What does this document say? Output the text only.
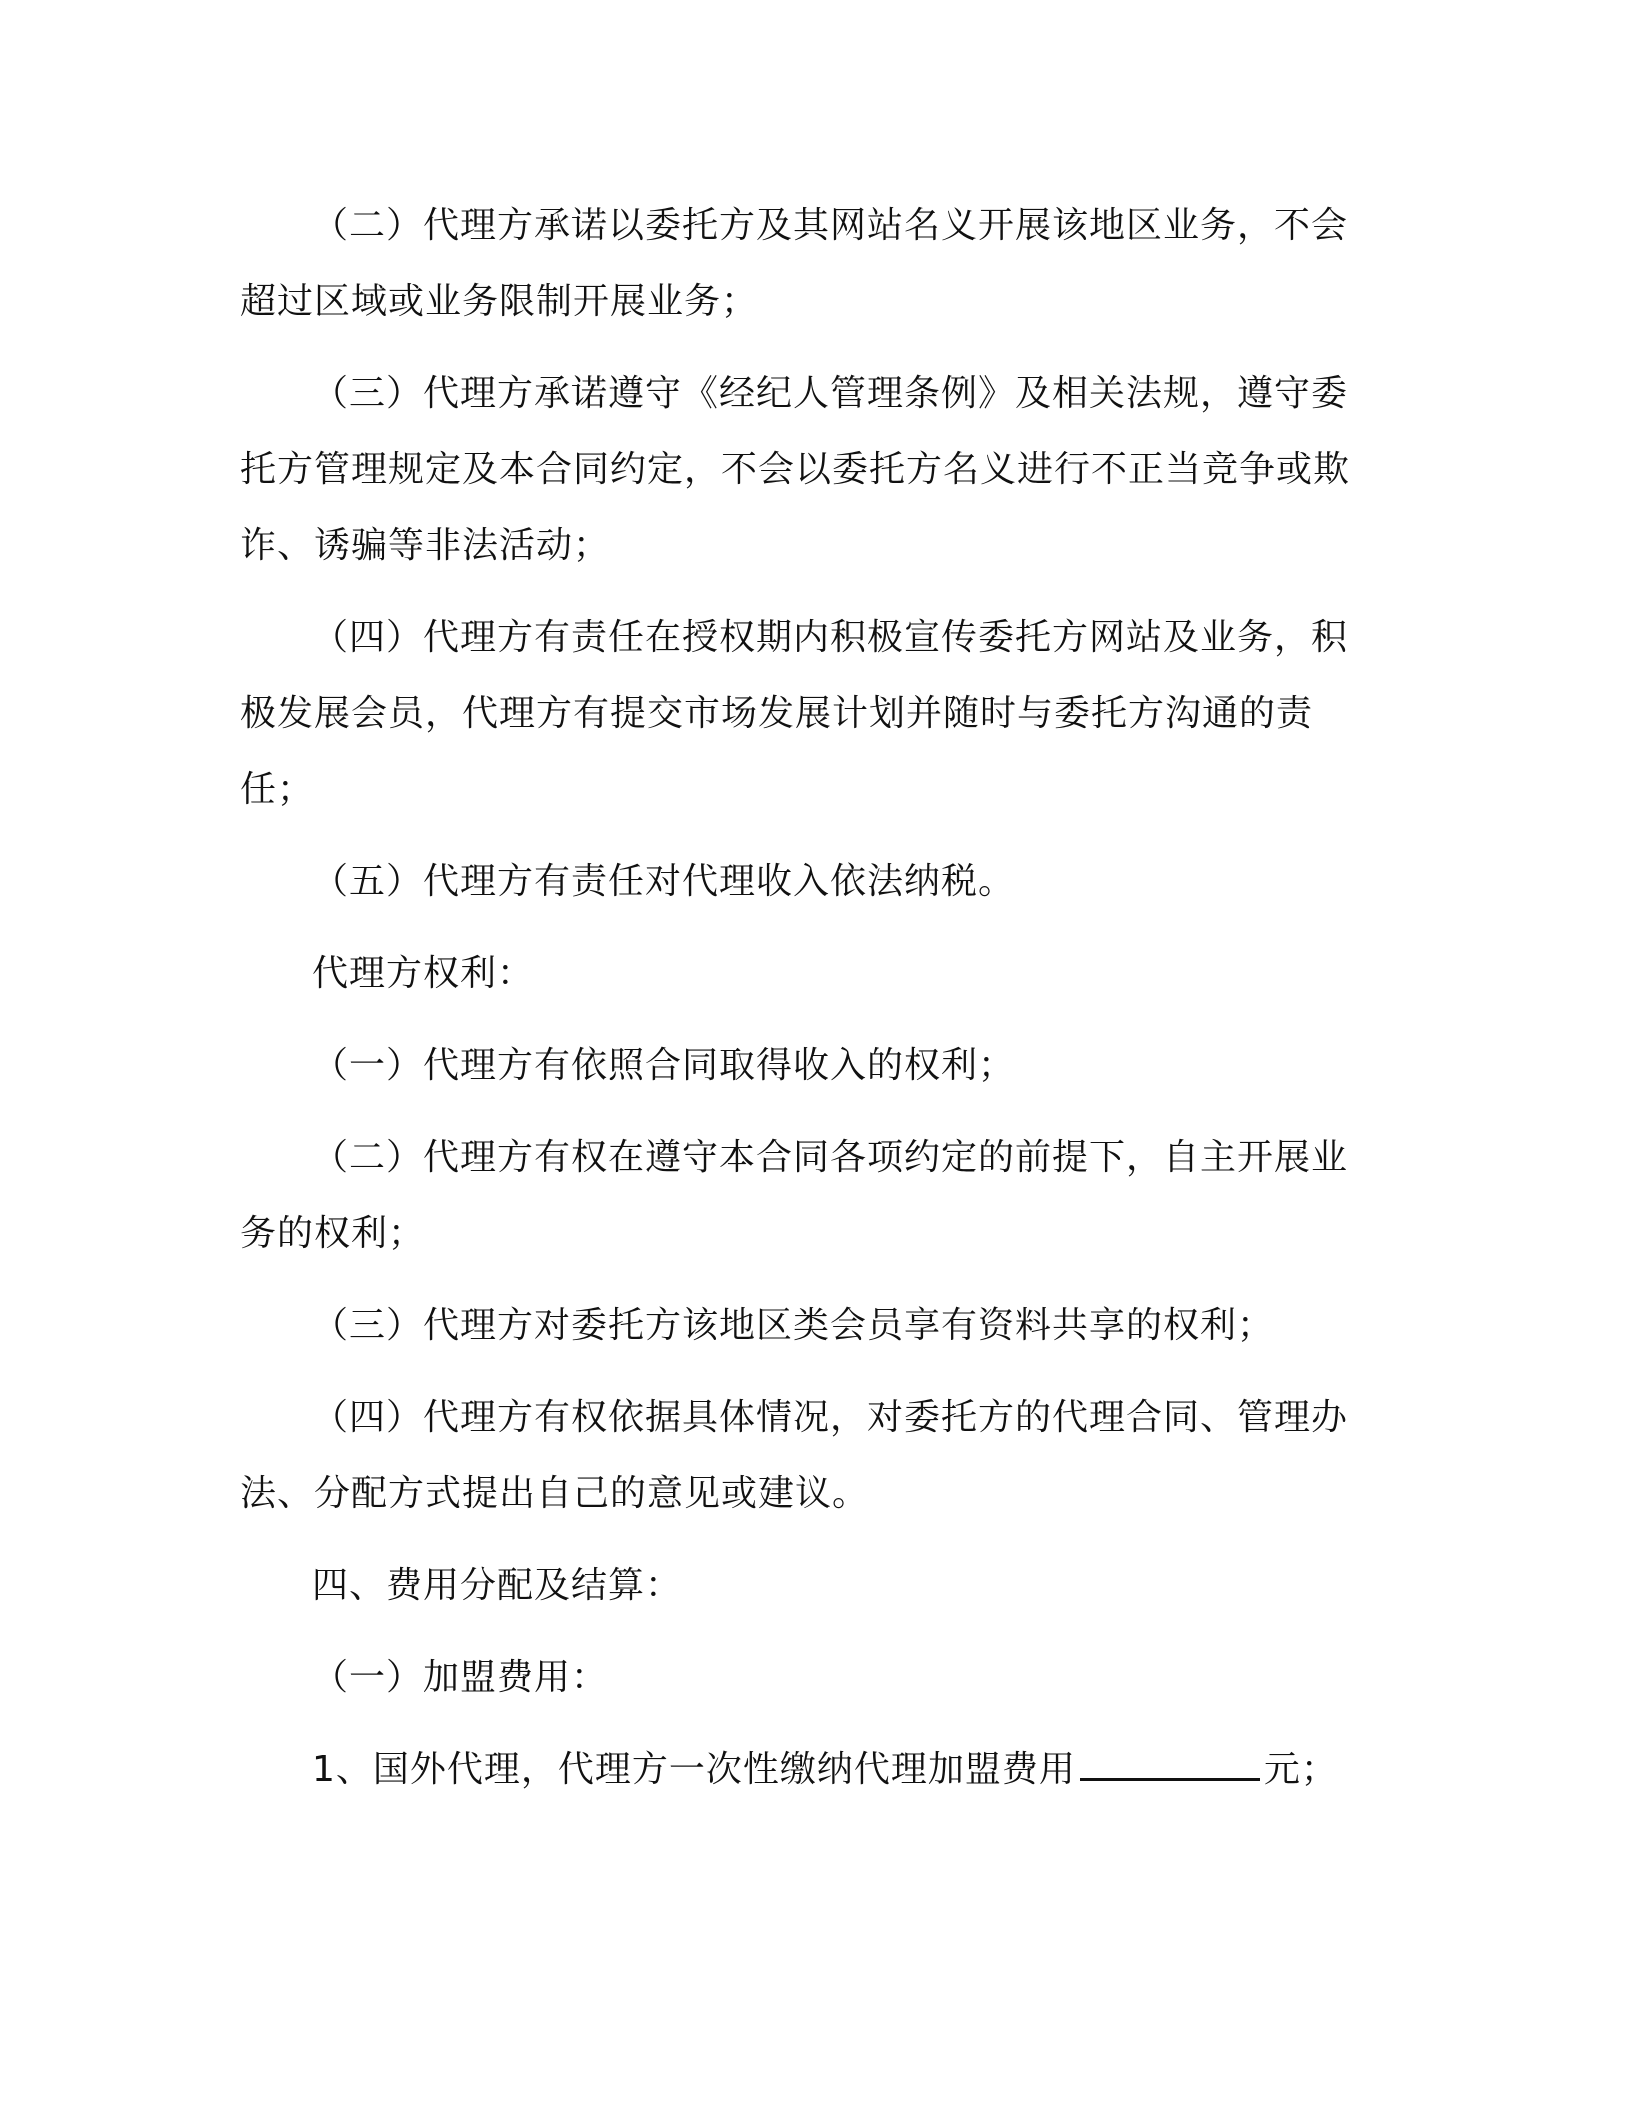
（二）代理方承诺以委托方及其网站名义开展该地区业务，不会超过区域或业务限制开展业务；

（三）代理方承诺遵守《经纪人管理条例》及相关法规，遵守委托方管理规定及本合同约定，不会以委托方名义进行不正当竞争或欺诈、诱骗等非法活动；

（四）代理方有责任在授权期内积极宣传委托方网站及业务，积极发展会员，代理方有提交市场发展计划并随时与委托方沟通的责任；

（五）代理方有责任对代理收入依法纳税。

代理方权利：

（一）代理方有依照合同取得收入的权利；

（二）代理方有权在遵守本合同各项约定的前提下，自主开展业务的权利；

（三）代理方对委托方该地区类会员享有资料共享的权利；

（四）代理方有权依据具体情况，对委托方的代理合同、管理办法、分配方式提出自己的意见或建议。

四、费用分配及结算：

（一）加盟费用：

1、国外代理，代理方一次性缴纳代理加盟费用	元；
